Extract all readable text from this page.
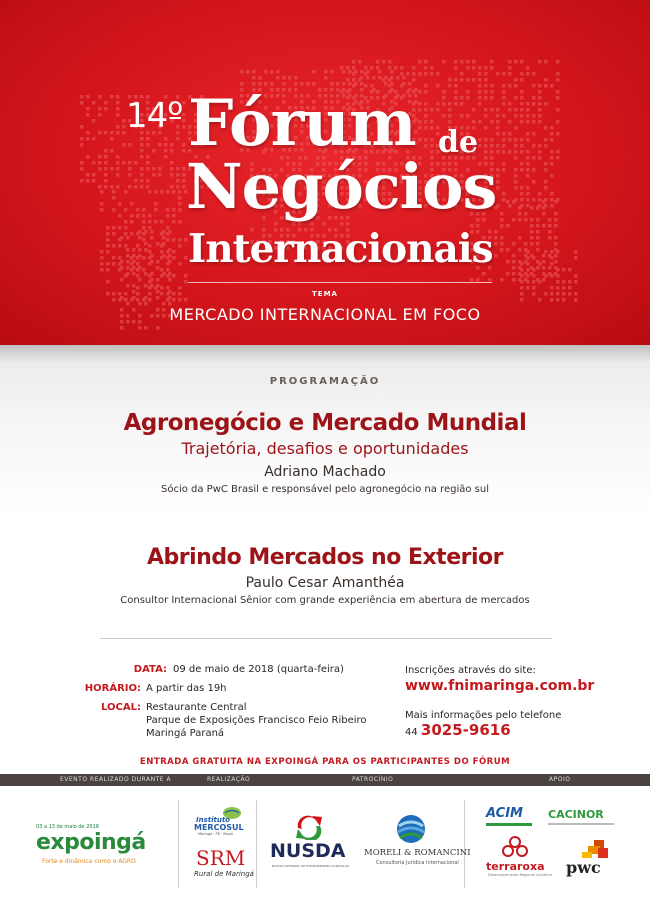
14º Fórum de
Negócios
Internacionais
TEMA
MERCADO INTERNACIONAL EM FOCO
PROGRAMAÇÃO
Agronegócio e Mercado Mundial
Trajetória, desafios e oportunidades
Adriano Machado
Sócio da PwC Brasil e responsável pelo agronegócio na região sul
Abrindo Mercados no Exterior
Paulo Cesar Amanthéa
Consultor Internacional Sênior com grande experiência em abertura de mercados
DATA: 09 de maio de 2018 (quarta-feira)
HORÁRIO: A partir das 19h
LOCAL: Restaurante Central
Parque de Exposições Francisco Feio Ribeiro
Maringá Paraná
Inscrições através do site:
www.fnimaringa.com.br
Mais informações pelo telefone
44 3025-9616
ENTRADA GRATUITA NA EXPOINGÁ PARA OS PARTICIPANTES DO FÓRUM
EVENTO REALIZADO DURANTE A	REALIZAÇÃO	PATROCÍNIO	APOIO
03 a 13 de maio de 2018
expoingá
Forte e dinâmica como o AGRO
Instituto
MERCOSUL
Maringá · PR · Brasil
SRM
Rural de Maringá
NUSDA
NÚCLEO SETORIAL DE EXPORTADORES AGRÍCOLAS
MORELI & ROMANCINI
Consultoria Jurídica Internacional
ACIM CACINOR
terraroxa
Desenvolvimento Regional Comércio pwc
